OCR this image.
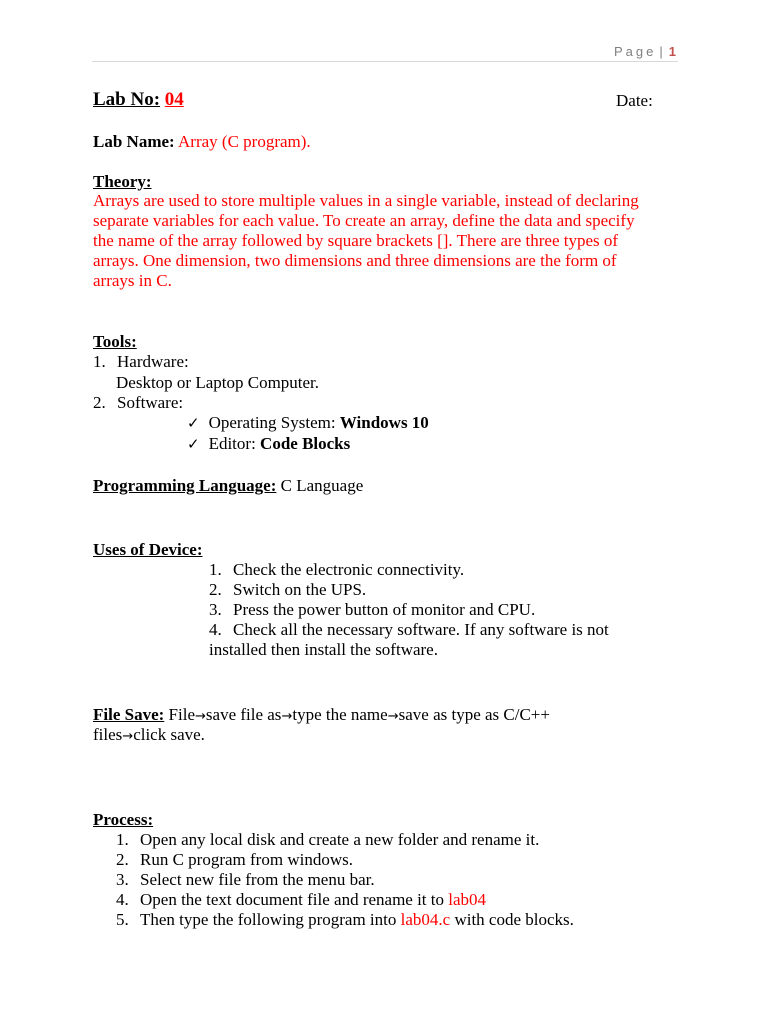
Page | 1
Lab No: 04	Date:
Lab Name: Array (C program).
Theory:
Arrays are used to store multiple values in a single variable, instead of declaring
separate variables for each value. To create an array, define the data and specify
the name of the array followed by square brackets []. There are three types of
arrays. One dimension, two dimensions and three dimensions are the form of
arrays in C.
Tools:
1. Hardware:
Desktop or Laptop Computer.
2. Software:
✓ Operating System: Windows 10
✓ Editor: Code Blocks
Programming Language: C Language
Uses of Device:
1. Check the electronic connectivity.
2. Switch on the UPS.
3. Press the power button of monitor and CPU.
4. Check all the necessary software. If any software is not
installed then install the software.
File Save: File→save file as→type the name→save as type as C/C++
files→click save.
Process:
1. Open any local disk and create a new folder and rename it.
2. Run C program from windows.
3. Select new file from the menu bar.
4. Open the text document file and rename it to lab04
5. Then type the following program into lab04.c with code blocks.
